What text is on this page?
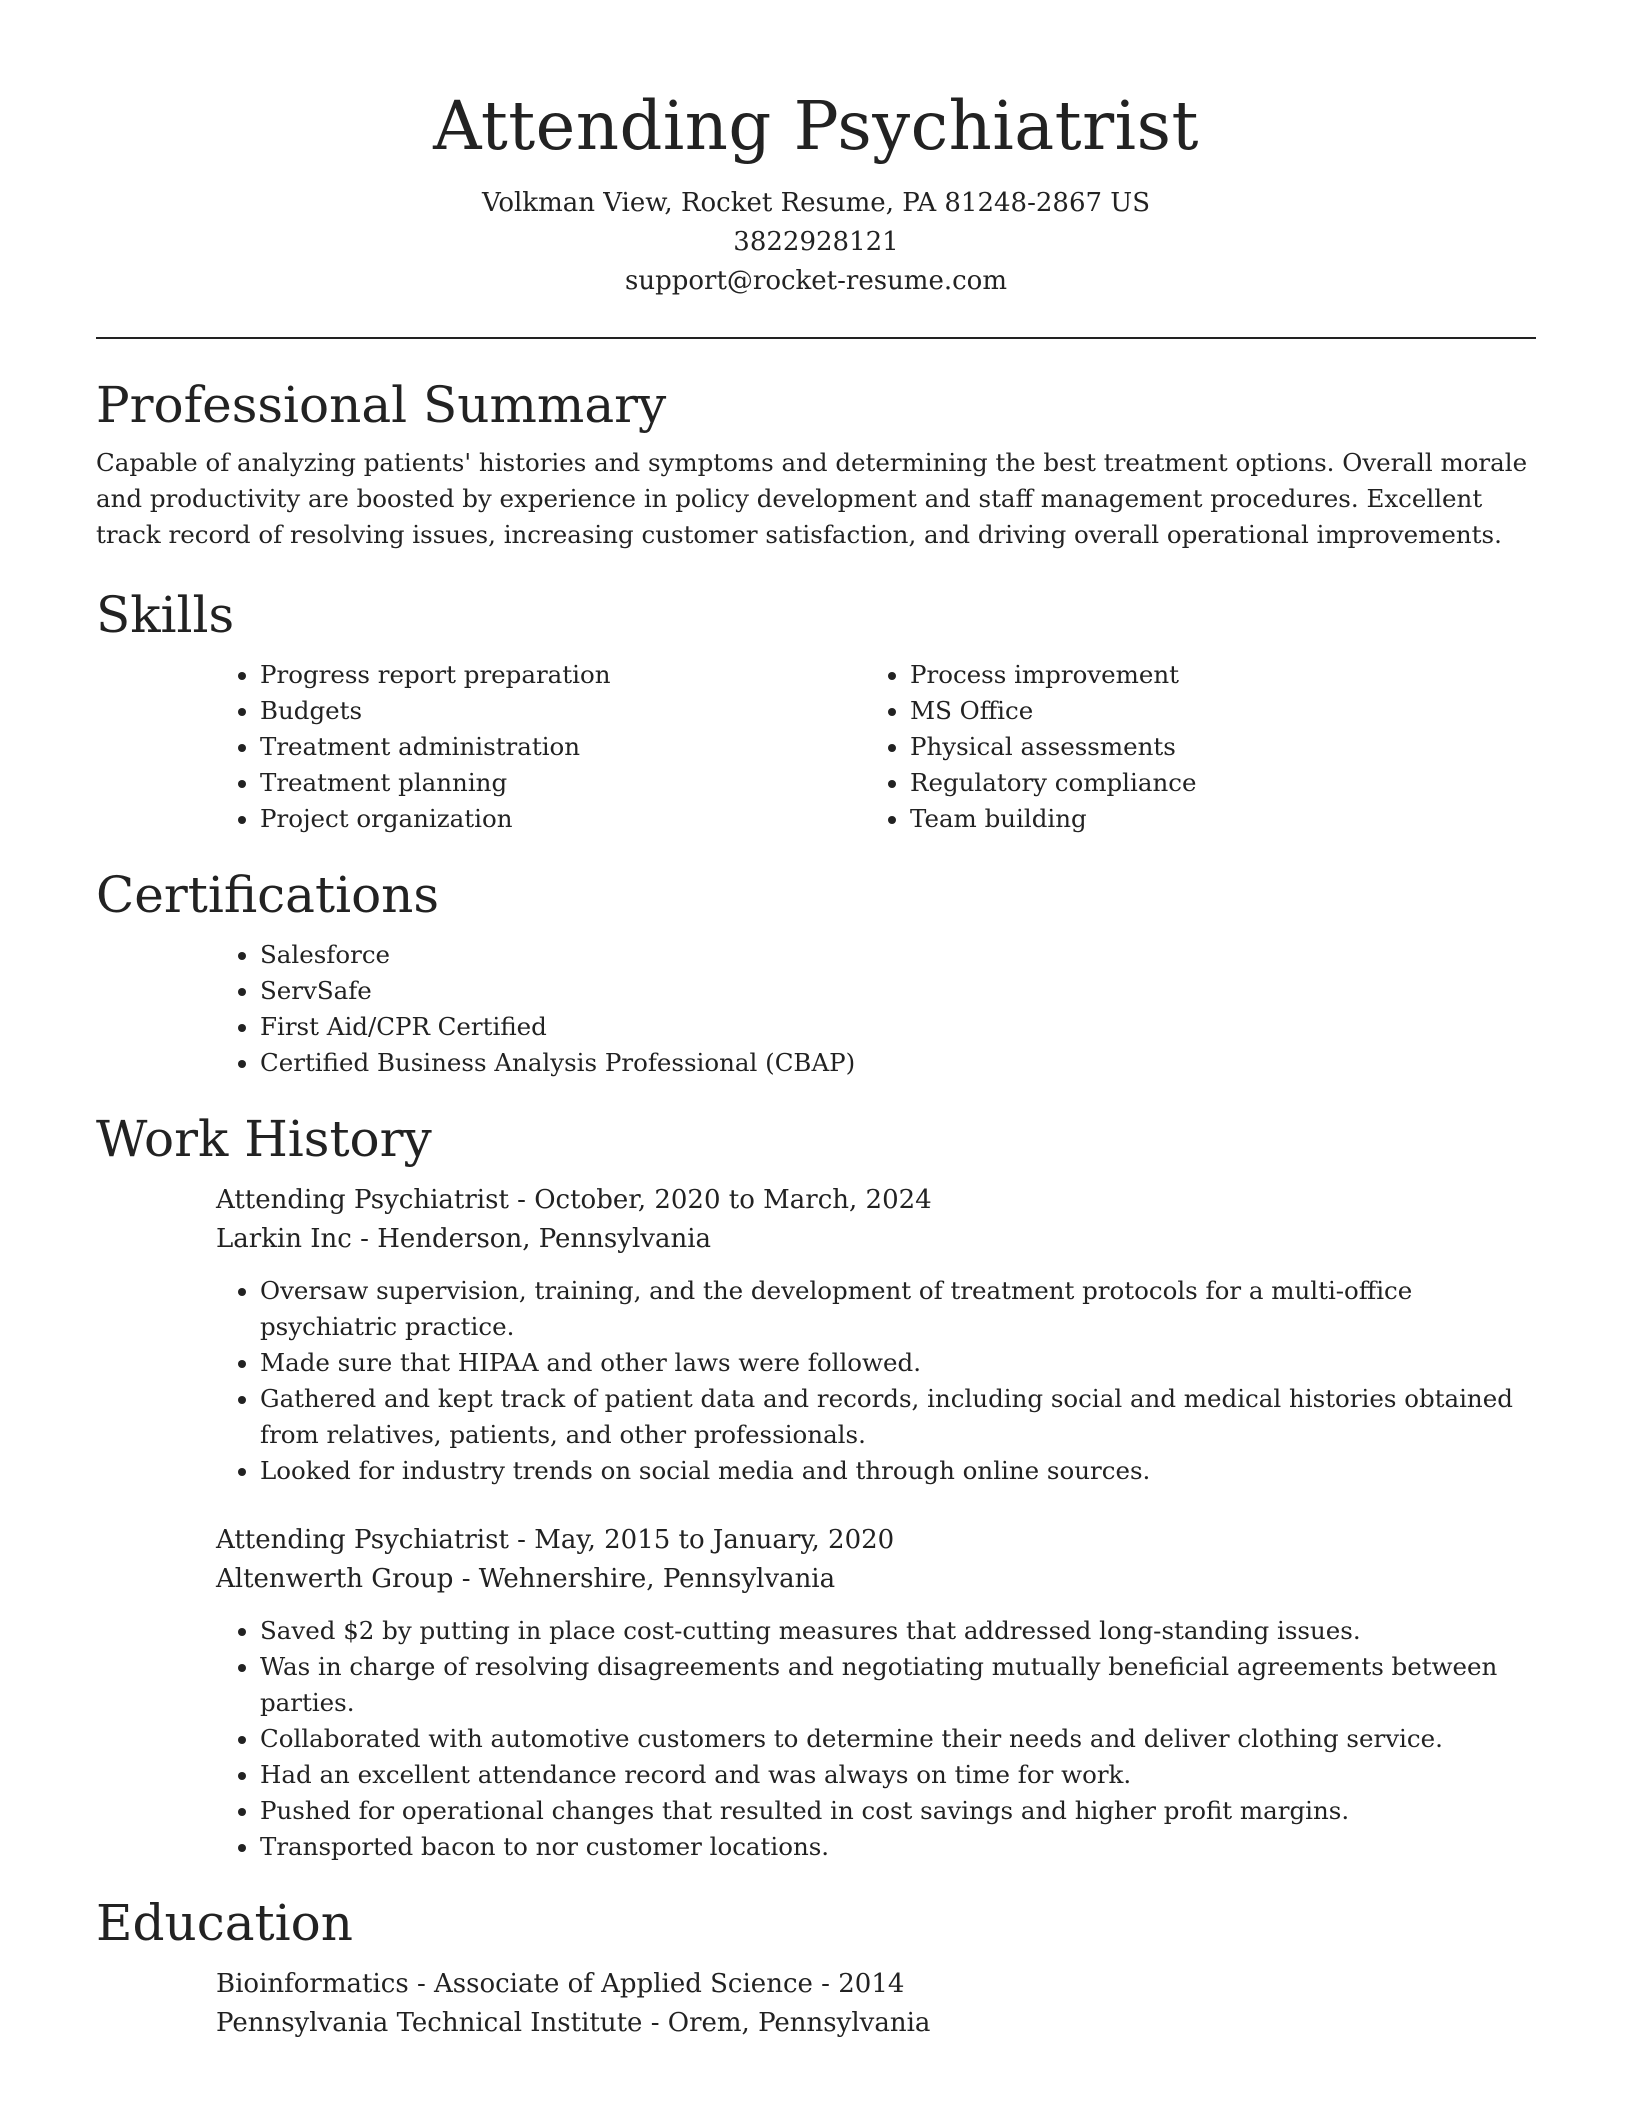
Attending Psychiatrist
Volkman View, Rocket Resume, PA 81248-2867 US
3822928121
support@rocket-resume.com
Professional Summary

Capable of analyzing patients' histories and symptoms and determining the best treatment options. Overall morale and productivity are boosted by experience in policy development and staff management procedures. Excellent track record of resolving issues, increasing customer satisfaction, and driving overall operational improvements.

Skills
• Progress report preparation
• Budgets
• Treatment administration
• Treatment planning
• Project organization
• Process improvement
• MS Office
• Physical assessments
• Regulatory compliance
• Team building
Certifications
• Salesforce
• ServSafe
• First Aid/CPR Certified
• Certified Business Analysis Professional (CBAP)
Work History
Attending Psychiatrist - October, 2020 to March, 2024
Larkin Inc - Henderson, Pennsylvania
• Oversaw supervision, training, and the development of treatment protocols for a multi-office psychiatric practice.
• Made sure that HIPAA and other laws were followed.
• Gathered and kept track of patient data and records, including social and medical histories obtained from relatives, patients, and other professionals.
• Looked for industry trends on social media and through online sources.
Attending Psychiatrist - May, 2015 to January, 2020
Altenwerth Group - Wehnershire, Pennsylvania
• Saved $2 by putting in place cost-cutting measures that addressed long-standing issues.
• Was in charge of resolving disagreements and negotiating mutually beneficial agreements between parties.
• Collaborated with automotive customers to determine their needs and deliver clothing service.
• Had an excellent attendance record and was always on time for work.
• Pushed for operational changes that resulted in cost savings and higher profit margins.
• Transported bacon to nor customer locations.
Education
Bioinformatics - Associate of Applied Science - 2014
Pennsylvania Technical Institute - Orem, Pennsylvania
